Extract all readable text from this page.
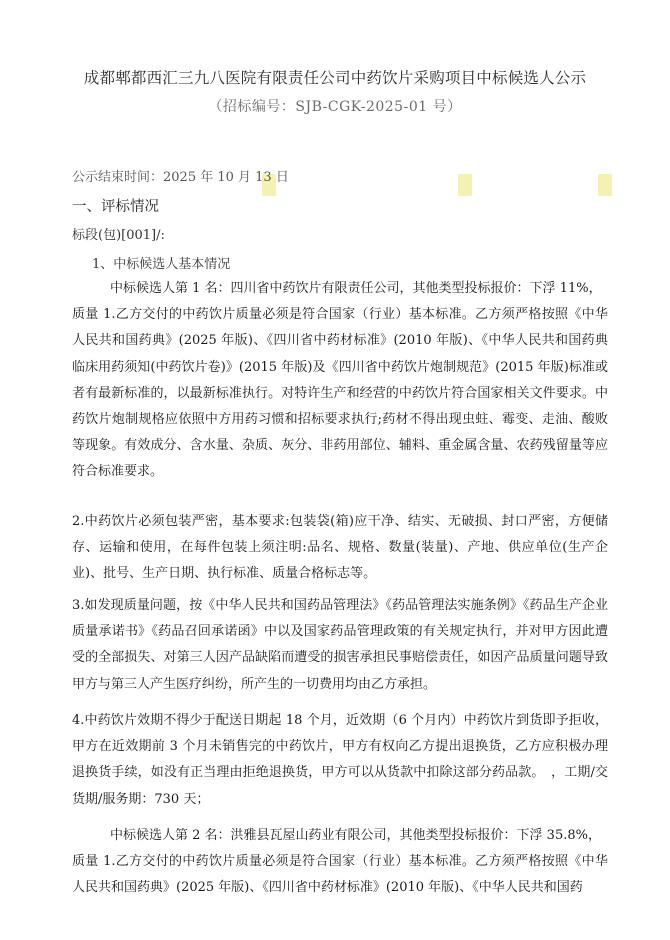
成都郫都西汇三九八医院有限责任公司中药饮片采购项目中标候选人公示
（招标编号：SJB-CGK-2025-01 号）
公示结束时间：2025 年 10 月 13 日
一、评标情况
标段(包)[001]/:
1、中标候选人基本情况
中标候选人第 1 名：四川省中药饮片有限责任公司，其他类型投标报价：下浮 11%，
质量 1.乙方交付的中药饮片质量必须是符合国家（行业）基本标准。乙方须严格按照《中华人民共和国药典》(2025 年版)、《四川省中药材标准》(2010 年版)、《中华人民共和国药典临床用药须知(中药饮片卷)》(2015 年版)及《四川省中药饮片炮制规范》(2015 年版)标准或者有最新标准的，以最新标准执行。对特许生产和经营的中药饮片符合国家相关文件要求。中药饮片炮制规格应依照中方用药习惯和招标要求执行;药材不得出现虫蛀、霉变、走油、酸败等现象。有效成分、含水量、杂质、灰分、非药用部位、辅料、重金属含量、农药残留量等应符合标准要求。
2.中药饮片必须包装严密，基本要求:包装袋(箱)应干净、结实、无破损、封口严密，方便储存、运输和使用，在每件包装上须注明:品名、规格、数量(装量)、产地、供应单位(生产企业)、批号、生产日期、执行标准、质量合格标志等。
3.如发现质量问题，按《中华人民共和国药品管理法》《药品管理法实施条例》《药品生产企业质量承诺书》《药品召回承诺函》中以及国家药品管理政策的有关规定执行，并对甲方因此遭受的全部损失、对第三人因产品缺陷而遭受的损害承担民事赔偿责任，如因产品质量问题导致甲方与第三人产生医疗纠纷，所产生的一切费用均由乙方承担。
4.中药饮片效期不得少于配送日期起 18 个月，近效期（6 个月内）中药饮片到货即予拒收，甲方在近效期前 3 个月未销售完的中药饮片，甲方有权向乙方提出退换货，乙方应积极办理退换货手续，如没有正当理由拒绝退换货，甲方可以从货款中扣除这部分药品款。　，工期/交货期/服务期：730 天；
中标候选人第 2 名：洪雅县瓦屋山药业有限公司，其他类型投标报价：下浮 35.8%，
质量 1.乙方交付的中药饮片质量必须是符合国家（行业）基本标准。乙方须严格按照《中华人民共和国药典》(2025 年版)、《四川省中药材标准》(2010 年版)、《中华人民共和国药
